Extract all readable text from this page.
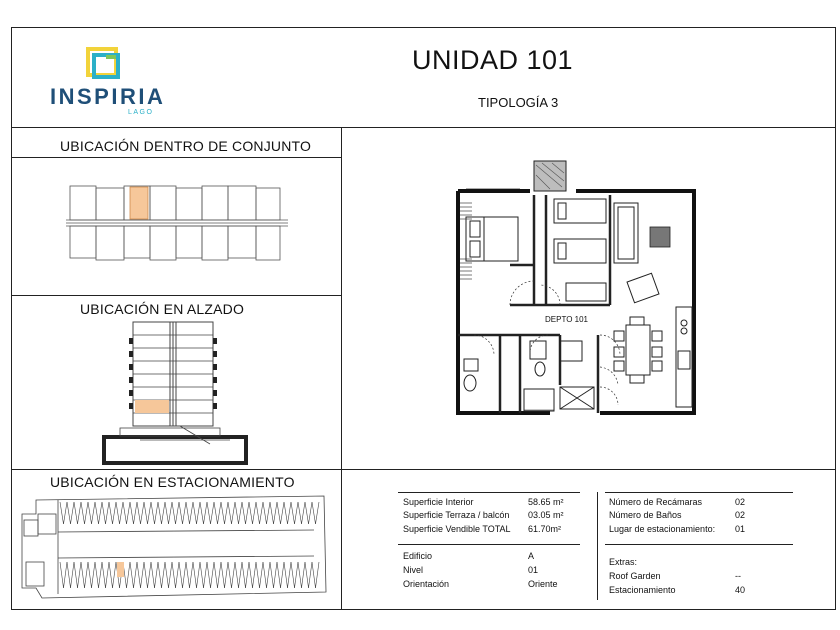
INSPIRIA
LAGO
UNIDAD 101
TIPOLOGÍA 3
UBICACIÓN DENTRO DE CONJUNTO
UBICACIÓN EN ALZADO
UBICACIÓN EN ESTACIONAMIENTO
DEPTO 101
Superficie Interior	58.65 m²
Superficie Terraza / balcón 03.05 m²
Superficie Vendible TOTAL 61.70m²
Edificio	A
Nivel	01
Orientación	Oriente
Número de Recámaras	02
Número de Baños	02
Lugar de estacionamiento: 01
Extras:
Roof Garden	--
Estacionamiento	40
